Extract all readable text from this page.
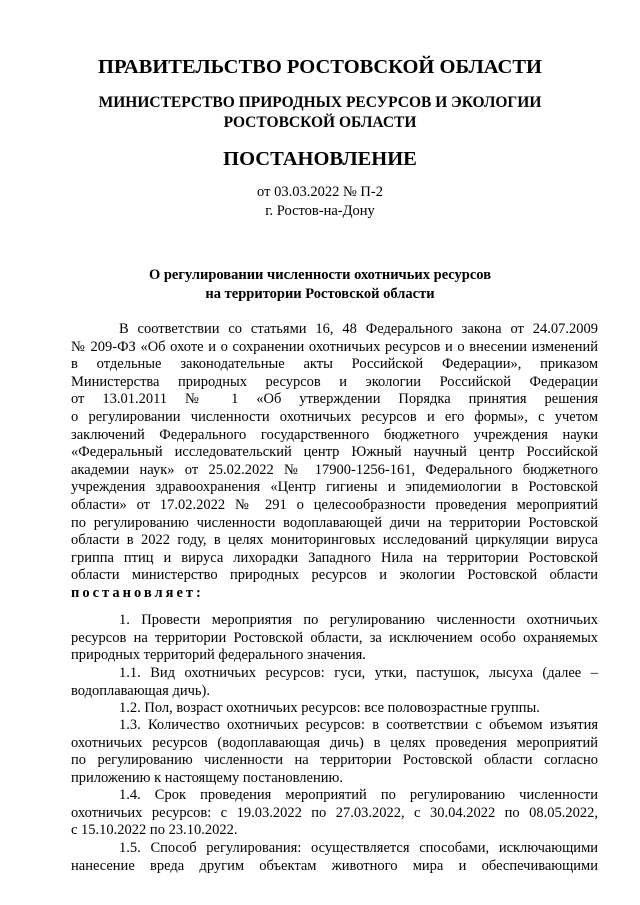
ПРАВИТЕЛЬСТВО РОСТОВСКОЙ ОБЛАСТИ
МИНИСТЕРСТВО ПРИРОДНЫХ РЕСУРСОВ И ЭКОЛОГИИ
РОСТОВСКОЙ ОБЛАСТИ
ПОСТАНОВЛЕНИЕ
от 03.03.2022 № П-2
г. Ростов-на-Дону
О регулировании численности охотничьих ресурсов
на территории Ростовской области
В соответствии со статьями 16, 48 Федерального закона от 24.07.2009
№ 209-ФЗ «Об охоте и о сохранении охотничьих ресурсов и о внесении изменений
в отдельные законодательные акты Российской Федерации», приказом
Министерства природных ресурсов и экологии Российской Федерации
от 13.01.2011 № 1 «Об утверждении Порядка принятия решения
о регулировании численности охотничьих ресурсов и его формы», с учетом
заключений Федерального государственного бюджетного учреждения науки
«Федеральный исследовательский центр Южный научный центр Российской
академии наук» от 25.02.2022 № 17900-1256-161, Федерального бюджетного
учреждения здравоохранения «Центр гигиены и эпидемиологии в Ростовской
области» от 17.02.2022 № 291 о целесообразности проведения мероприятий
по регулированию численности водоплавающей дичи на территории Ростовской
области в 2022 году, в целях мониторинговых исследований циркуляции вируса
гриппа птиц и вируса лихорадки Западного Нила на территории Ростовской
области министерство природных ресурсов и экологии Ростовской области
постановляет:
1. Провести мероприятия по регулированию численности охотничьих
ресурсов на территории Ростовской области, за исключением особо охраняемых
природных территорий федерального значения.
1.1. Вид охотничьих ресурсов: гуси, утки, пастушок, лысуха (далее –
водоплавающая дичь).
1.2. Пол, возраст охотничьих ресурсов: все половозрастные группы.
1.3. Количество охотничьих ресурсов: в соответствии с объемом изъятия
охотничьих ресурсов (водоплавающая дичь) в целях проведения мероприятий
по регулированию численности на территории Ростовской области согласно
приложению к настоящему постановлению.
1.4. Срок проведения мероприятий по регулированию численности
охотничьих ресурсов: с 19.03.2022 по 27.03.2022, с 30.04.2022 по 08.05.2022,
с 15.10.2022 по 23.10.2022.
1.5. Способ регулирования: осуществляется способами, исключающими
нанесение вреда другим объектам животного мира и обеспечивающими
